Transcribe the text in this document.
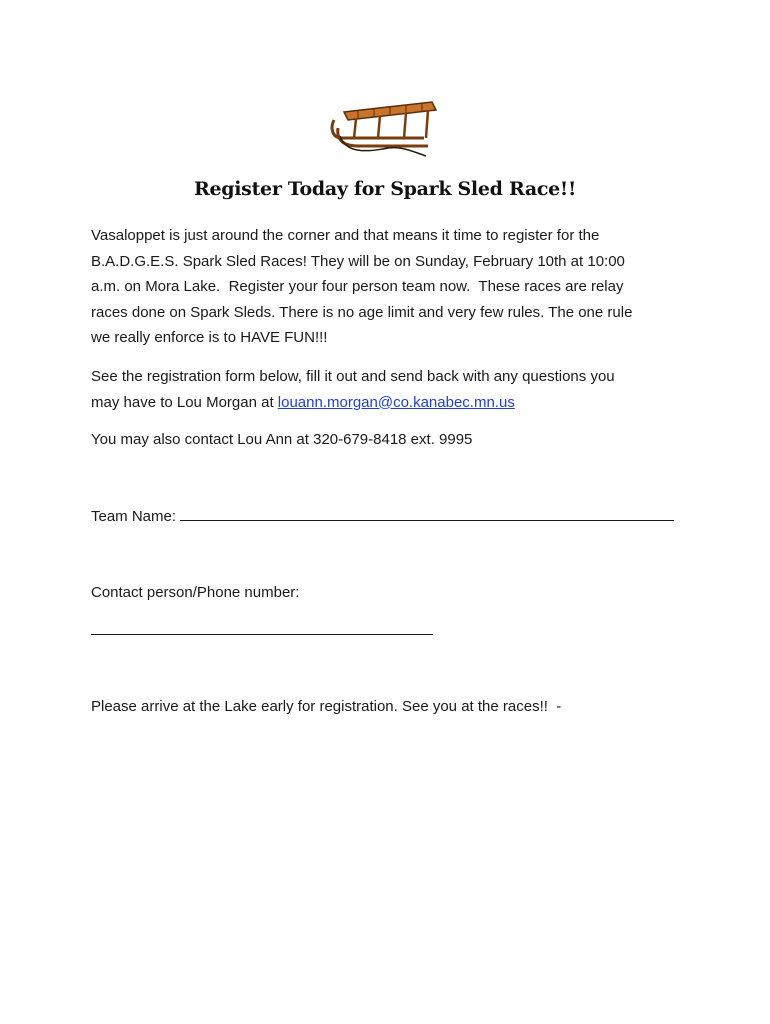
Register Today for Spark Sled Race!!
Vasaloppet is just around the corner and that means it time to register for the
B.A.D.G.E.S. Spark Sled Races! They will be on Sunday, February 10th at 10:00
a.m. on Mora Lake.  Register your four person team now.  These races are relay
races done on Spark Sleds. There is no age limit and very few rules. The one rule
we really enforce is to HAVE FUN!!!
See the registration form below, fill it out and send back with any questions you
may have to Lou Morgan at louann.morgan@co.kanabec.mn.us
You may also contact Lou Ann at 320-679-8418 ext. 9995
Team Name:
Contact person/Phone number:
Please arrive at the Lake early for registration. See you at the races!!  -
